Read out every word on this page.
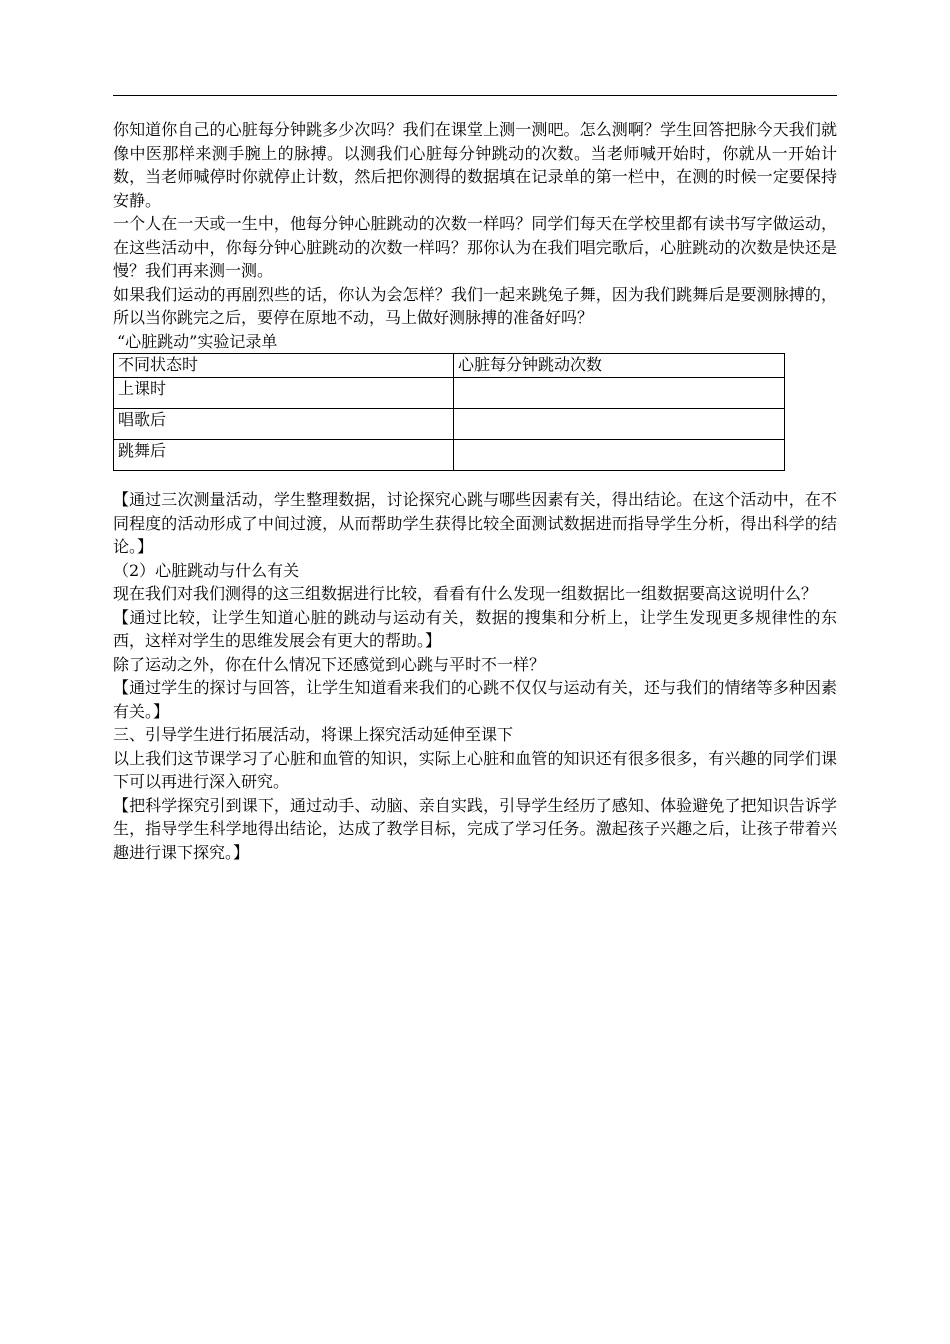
你知道你自己的心脏每分钟跳多少次吗？我们在课堂上测一测吧。怎么测啊？学生回答把脉今天我们就像中医那样来测手腕上的脉搏。以测我们心脏每分钟跳动的次数。当老师喊开始时，你就从一开始计数，当老师喊停时你就停止计数，然后把你测得的数据填在记录单的第一栏中，在测的时候一定要保持安静。

一个人在一天或一生中，他每分钟心脏跳动的次数一样吗？同学们每天在学校里都有读书写字做运动，在这些活动中，你每分钟心脏跳动的次数一样吗？那你认为在我们唱完歌后，心脏跳动的次数是快还是慢？我们再来测一测。

如果我们运动的再剧烈些的话，你认为会怎样？我们一起来跳兔子舞，因为我们跳舞后是要测脉搏的，所以当你跳完之后，要停在原地不动，马上做好测脉搏的准备好吗？

“心脏跳动”实验记录单

不同状态时	心脏每分钟跳动次数
上课时	
唱歌后	
跳舞后	

【通过三次测量活动，学生整理数据，讨论探究心跳与哪些因素有关，得出结论。在这个活动中，在不同程度的活动形成了中间过渡，从而帮助学生获得比较全面测试数据进而指导学生分析，得出科学的结论。】

（2）心脏跳动与什么有关

现在我们对我们测得的这三组数据进行比较，看看有什么发现一组数据比一组数据要高这说明什么？

【通过比较，让学生知道心脏的跳动与运动有关，数据的搜集和分析上，让学生发现更多规律性的东西，这样对学生的思维发展会有更大的帮助。】

除了运动之外，你在什么情况下还感觉到心跳与平时不一样？

【通过学生的探讨与回答，让学生知道看来我们的心跳不仅仅与运动有关，还与我们的情绪等多种因素有关。】

三、引导学生进行拓展活动，将课上探究活动延伸至课下

以上我们这节课学习了心脏和血管的知识，实际上心脏和血管的知识还有很多很多，有兴趣的同学们课下可以再进行深入研究。

【把科学探究引到课下，通过动手、动脑、亲自实践，引导学生经历了感知、体验避免了把知识告诉学生，指导学生科学地得出结论，达成了教学目标，完成了学习任务。激起孩子兴趣之后，让孩子带着兴趣进行课下探究。】
